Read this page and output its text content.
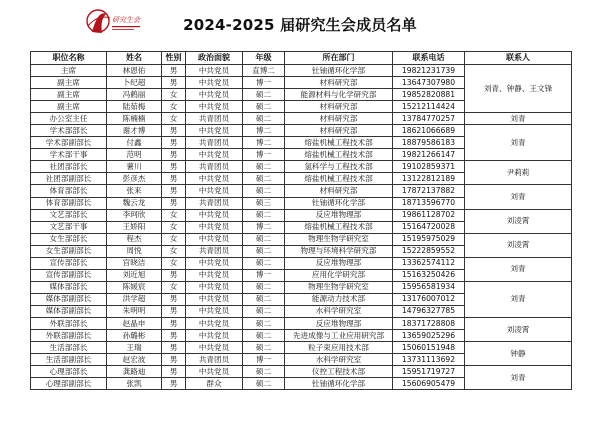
研究生会	2024-2025 届研究生会成员名单
职位名称	姓名	性别	政治面貌	年级	所在部门	联系电话	联系人
主席	林恩佑	男	中共党员	直博二	钍铀循环化学部	19821231739	刘青、钟静、王文锋
副主席	卜纪超	男	中共党员	博一	材料研究部	13647307980	
副主席	冯鹤丽	女	中共党员	硕二	能源材料与化学研究部	19852820881	
副主席	陆茹梅	女	中共党员	硕二	材料研究部	15212114424	
办公室主任	陈楠楠	女	共青团员	硕二	材料研究部	13784770257	刘青
学术部部长	谢才博	男	中共党员	博二	材料研究部	18621066689	刘青
学术部副部长	付鑫	男	共青团员	博二	熔盐机械工程技术部	18879586183	
学术部干事	范明	男	中共党员	博一	熔盐机械工程技术部	19821266147	
社团部部长	薯川	男	共青团员	硕二	氢科学与工程技术部	19102859371	尹莉莉
社团部副部长	彭彦杰	男	中共党员	硕二	熔盐机械工程技术部	13122812189	
体育部部长	张来	男	中共党员	硕二	材料研究部	17872137882	刘青
体育部副部长	魏云龙	男	共青团员	硕三	钍铀循环化学部	18713596770	
文艺部部长	李珂欣	女	中共党员	硕二	反应堆物理部	19861128702	刘凌霄
文艺部干事	王娇阳	女	中共党员	博二	熔盐机械工程技术部	15164720028	
女生部部长	程杰	女	中共党员	硕二	物理生物学研究室	15195975029	刘凌霄
女生部副部长	周悦	女	共青团员	硕二	物理与环境科学研究部	15222859552	
宣传部部长	宫晓洁	女	中共党员	硕二	反应堆物理部	13362574112	刘青
宣传部副部长	刘近旭	男	中共党员	博一	应用化学研究部	15163250426	
媒体部部长	陈媛宸	女	中共党员	硕二	物理生物学研究室	15956581934	刘青
媒体部副部长	洪学超	男	中共党员	硕二	能源动力技术部	13176007012	
媒体部副部长	朱明明	男	中共党员	硕二	水科学研究室	14796327785	
外联部部长	赵晶申	男	中共党员	硕二	反应堆物理部	18371728808	刘凌霄
外联部副部长	孙璐彬	男	中共党员	硕二	先进成像与工业应用研究部	13659025296	
生活部部长	王瑞	男	中共党员	硕二	粒子束应用技术部	15060151948	钟静
生活部副部长	赵宏波	男	共青团员	博一	水科学研究室	13731113692	
心理部部长	龚路迪	男	中共党员	硕二	仪控工程技术部	15951719727	刘青
心理部副部长	张凯	男	群众	硕二	钍铀循环化学部	15606905479	
